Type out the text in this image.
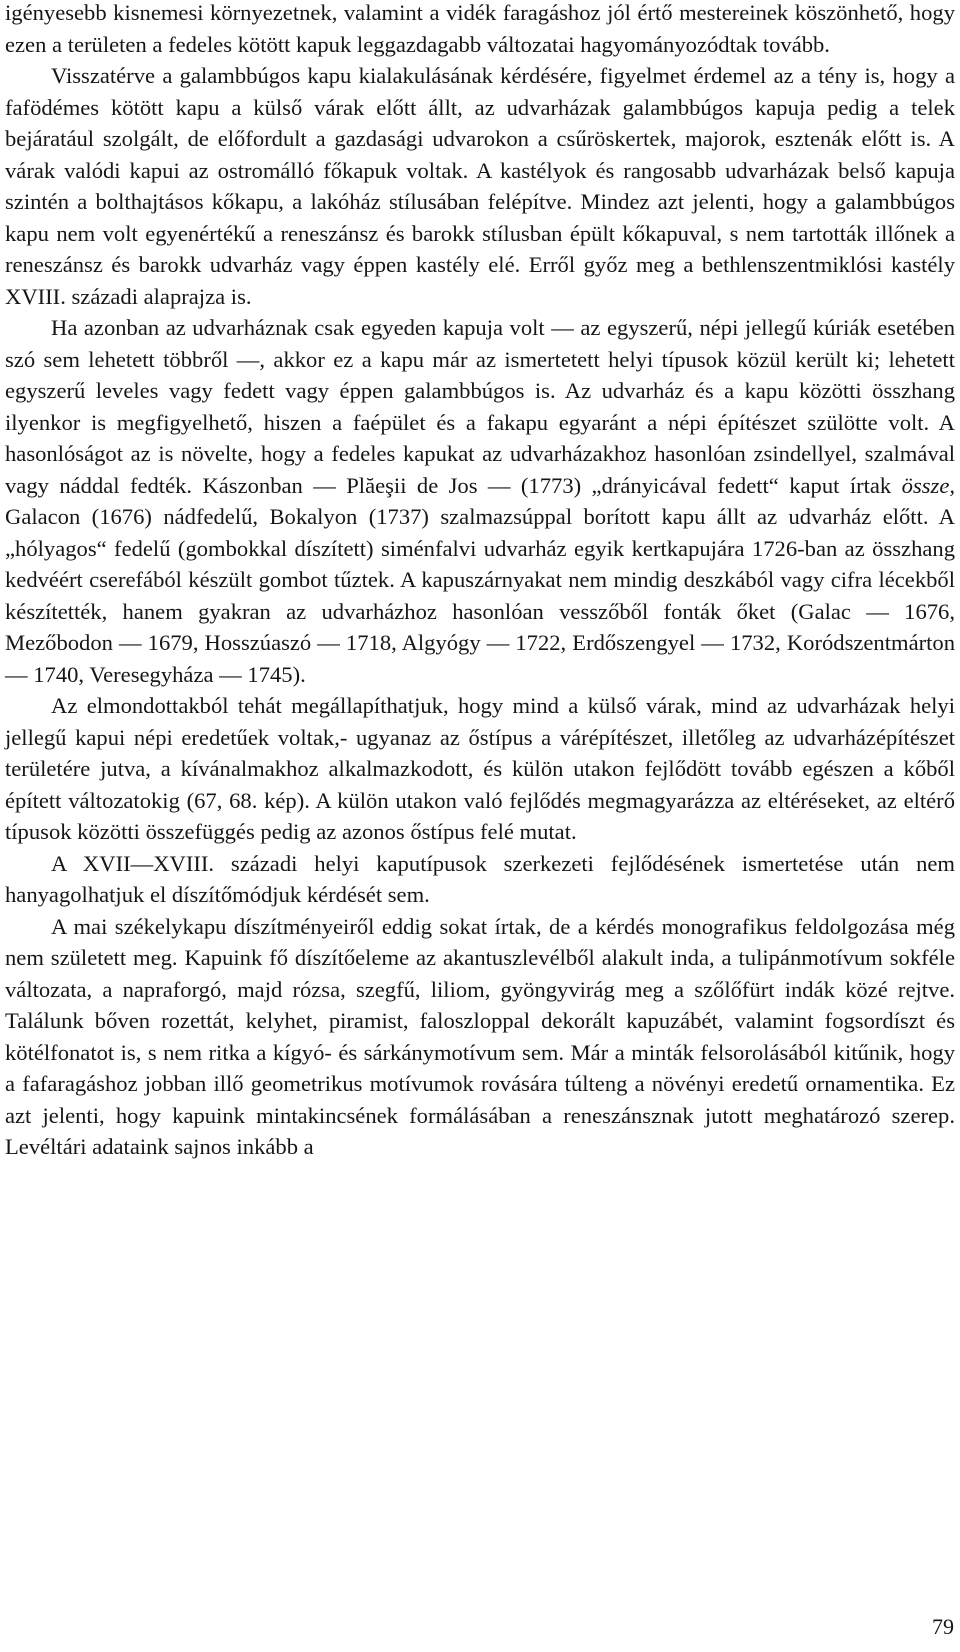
igényesebb kisnemesi környezetnek, valamint a vidék faragáshoz jól értő mestereinek köszönhető, hogy ezen a területen a fedeles kötött kapuk leggazdagabb változatai hagyományozódtak tovább.

Visszatérve a galambbúgos kapu kialakulásának kérdésére, figyelmet érdemel az a tény is, hogy a fafödémes kötött kapu a külső várak előtt állt, az udvarházak galambbúgos kapuja pedig a telek bejáratául szolgált, de előfordult a gazdasági udvarokon a csűröskertek, majorok, esztenák előtt is. A várak valódi kapui az ostromálló főkapuk voltak. A kastélyok és rangosabb udvarházak belső kapuja szintén a bolthajtásos kőkapu, a lakóház stílusában felépítve. Mindez azt jelenti, hogy a galambbúgos kapu nem volt egyenértékű a reneszánsz és barokk stílusban épült kőkapuval, s nem tartották illőnek a reneszánsz és barokk udvarház vagy éppen kastély elé. Erről győz meg a bethlenszentmiklósi kastély XVIII. századi alaprajza is.

Ha azonban az udvarháznak csak egyeden kapuja volt — az egyszerű, népi jellegű kúriák esetében szó sem lehetett többről —, akkor ez a kapu már az ismertetett helyi típusok közül került ki; lehetett egyszerű leveles vagy fedett vagy éppen galambbúgos is. Az udvarház és a kapu közötti összhang ilyenkor is megfigyelhető, hiszen a faépület és a fakapu egyaránt a népi építészet szülötte volt. A hasonlóságot az is növelte, hogy a fedeles kapukat az udvarházakhoz hasonlóan zsindellyel, szalmával vagy náddal fedték. Kászonban — Plăeşii de Jos — (1773) „drányicával fedett“ kaput írtak össze, Galacon (1676) nádfedelű, Bokalyon (1737) szalmazsúppal borított kapu állt az udvarház előtt. A „hólyagos“ fedelű (gombokkal díszített) siménfalvi udvarház egyik kertkapujára 1726-ban az összhang kedvéért cserefából készült gombot tűztek. A kapuszárnyakat nem mindig deszkából vagy cifra lécekből készítették, hanem gyakran az udvarházhoz hasonlóan vesszőből fonták őket (Galac — 1676, Mezőbodon — 1679, Hosszúaszó — 1718, Algyógy — 1722, Erdőszengyel — 1732, Koródszentmárton — 1740, Veresegyháza — 1745).

Az elmondottakból tehát megállapíthatjuk, hogy mind a külső várak, mind az udvarházak helyi jellegű kapui népi eredetűek voltak,- ugyanaz az őstípus a várépítészet, illetőleg az udvarházépítészet területére jutva, a kívánalmakhoz alkalmazkodott, és külön utakon fejlődött tovább egészen a kőből épített változatokig (67, 68. kép). A külön utakon való fejlődés megmagyarázza az eltéréseket, az eltérő típusok közötti összefüggés pedig az azonos őstípus felé mutat.

A XVII—XVIII. századi helyi kaputípusok szerkezeti fejlődésének ismertetése után nem hanyagolhatjuk el díszítőmódjuk kérdését sem.

A mai székelykapu díszítményeiről eddig sokat írtak, de a kérdés monografikus feldolgozása még nem született meg. Kapuink fő díszítőeleme az akantuszlevélből alakult inda, a tulipánmotívum sokféle változata, a napraforgó, majd rózsa, szegfű, liliom, gyöngyvirág meg a szőlőfürt indák közé rejtve. Találunk bőven rozettát, kelyhet, piramist, faloszloppal dekorált kapuzábét, valamint fogsordíszt és kötélfonatot is, s nem ritka a kígyó- és sárkánymotívum sem. Már a minták felsorolásából kitűnik, hogy a fafaragáshoz jobban illő geometrikus motívumok rovására túlteng a növényi eredetű ornamentika. Ez azt jelenti, hogy kapuink mintakincsének formálásában a reneszánsznak jutott meghatározó szerep. Levéltári adataink sajnos inkább a

79
